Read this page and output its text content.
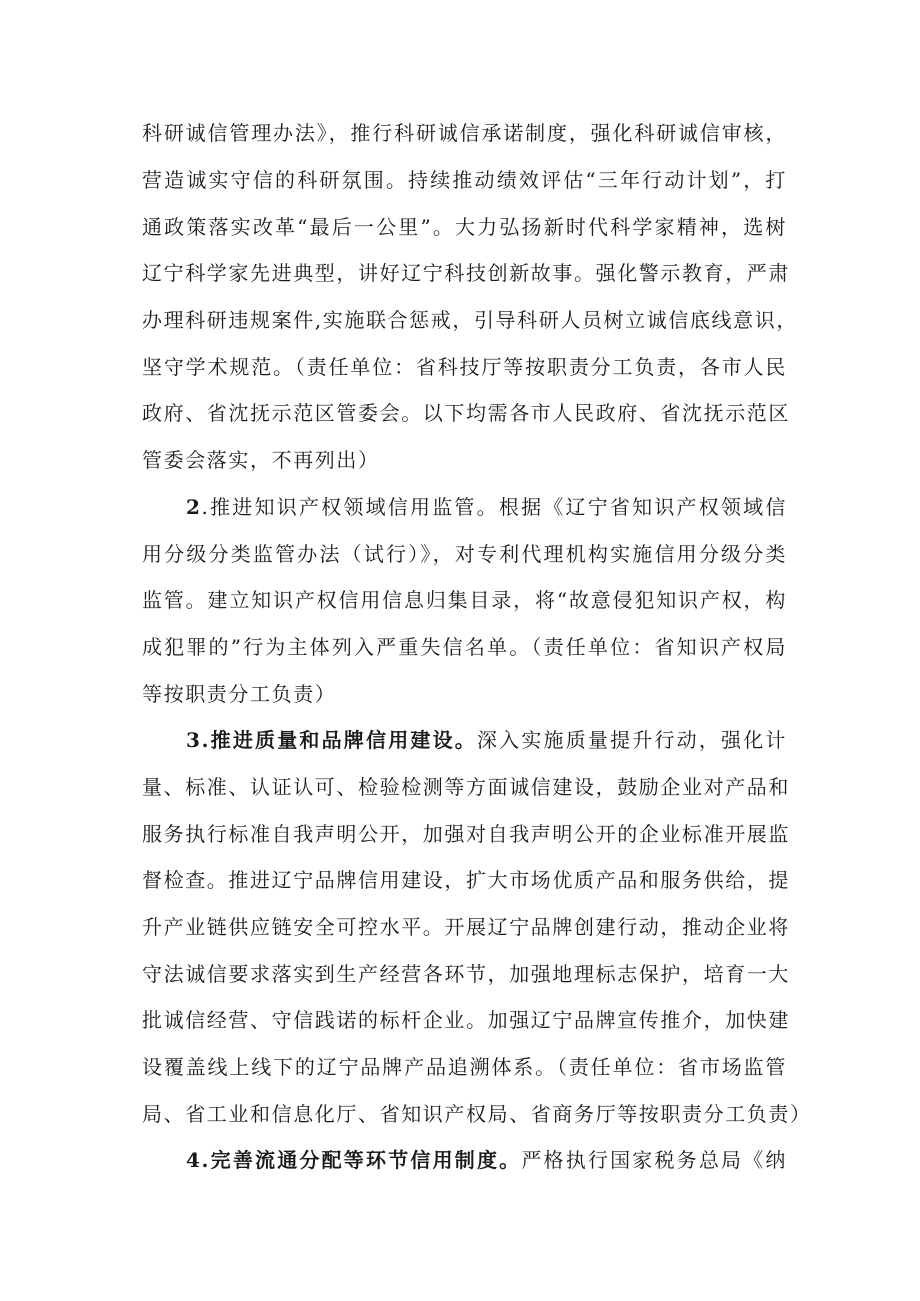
科研诚信管理办法》，推行科研诚信承诺制度，强化科研诚信审核，
营造诚实守信的科研氛围。持续推动绩效评估“三年行动计划”，打
通政策落实改革“最后一公里”。大力弘扬新时代科学家精神，选树
辽宁科学家先进典型，讲好辽宁科技创新故事。强化警示教育，严肃
办理科研违规案件,实施联合惩戒，引导科研人员树立诚信底线意识，
坚守学术规范。（责任单位：省科技厅等按职责分工负责，各市人民
政府、省沈抚示范区管委会。以下均需各市人民政府、省沈抚示范区
管委会落实，不再列出）
2.推进知识产权领域信用监管。根据《辽宁省知识产权领域信
用分级分类监管办法（试行）》，对专利代理机构实施信用分级分类
监管。建立知识产权信用信息归集目录，将“故意侵犯知识产权，构
成犯罪的”行为主体列入严重失信名单。（责任单位：省知识产权局
等按职责分工负责）
3.推进质量和品牌信用建设。深入实施质量提升行动，强化计
量、标准、认证认可、检验检测等方面诚信建设，鼓励企业对产品和
服务执行标准自我声明公开，加强对自我声明公开的企业标准开展监
督检查。推进辽宁品牌信用建设，扩大市场优质产品和服务供给，提
升产业链供应链安全可控水平。开展辽宁品牌创建行动，推动企业将
守法诚信要求落实到生产经营各环节，加强地理标志保护，培育一大
批诚信经营、守信践诺的标杆企业。加强辽宁品牌宣传推介，加快建
设覆盖线上线下的辽宁品牌产品追溯体系。（责任单位：省市场监管
局、省工业和信息化厅、省知识产权局、省商务厅等按职责分工负责）
4.完善流通分配等环节信用制度。严格执行国家税务总局《纳
